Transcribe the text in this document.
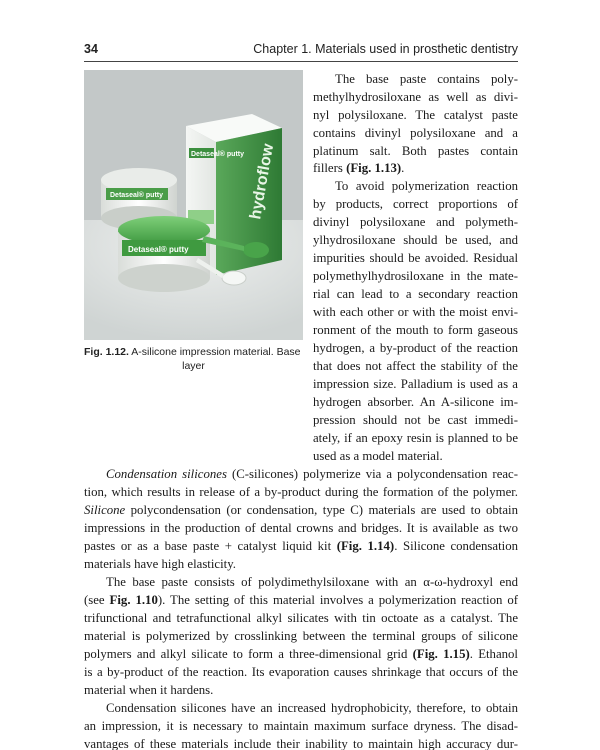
34	Chapter 1. Materials used in prosthetic dentistry
Detaseal® putty hydroflow
Detaseal® putty
Detaseal® putty
Fig. 1.12. A-silicone impression material. Base
layer
The base paste contains poly-
methylhydrosiloxane as well as divi-
nyl polysiloxane. The catalyst paste
contains divinyl polysiloxane and a
platinum salt. Both pastes contain
fillers (Fig. 1.13).
To avoid polymerization reaction
by products, correct proportions of
divinyl polysiloxane and polymeth-
ylhydrosiloxane should be used, and
impurities should be avoided. Residual
polymethylhydrosiloxane in the mate-
rial can lead to a secondary reaction
with each other or with the moist envi-
ronment of the mouth to form gaseous
hydrogen, a by-product of the reaction
that does not affect the stability of the
impression size. Palladium is used as a
hydrogen absorber. An A-silicone im-
pression should not be cast immedi-
ately, if an epoxy resin is planned to be
used as a model material.
Condensation silicones (C-silicones) polymerize via a polycondensation reac-
tion, which results in release of a by-product during the formation of the polymer.
Silicone polycondensation (or condensation, type C) materials are used to obtain
impressions in the production of dental crowns and bridges. It is available as two
pastes or as a base paste + catalyst liquid kit (Fig. 1.14). Silicone condensation
materials have high elasticity.
The base paste consists of polydimethylsiloxane with an α-ω-hydroxyl end
(see Fig. 1.10). The setting of this material involves a polymerization reaction of
trifunctional and tetrafunctional alkyl silicates with tin octoate as a catalyst. The
material is polymerized by crosslinking between the terminal groups of silicone
polymers and alkyl silicate to form a three-dimensional grid (Fig. 1.15). Ethanol
is a by-product of the reaction. Its evaporation causes shrinkage that occurs of the
material when it hardens.
Condensation silicones have an increased hydrophobicity, therefore, to obtain
an impression, it is necessary to maintain maximum surface dryness. The disad-
vantages of these materials include their inability to maintain high accuracy dur-
